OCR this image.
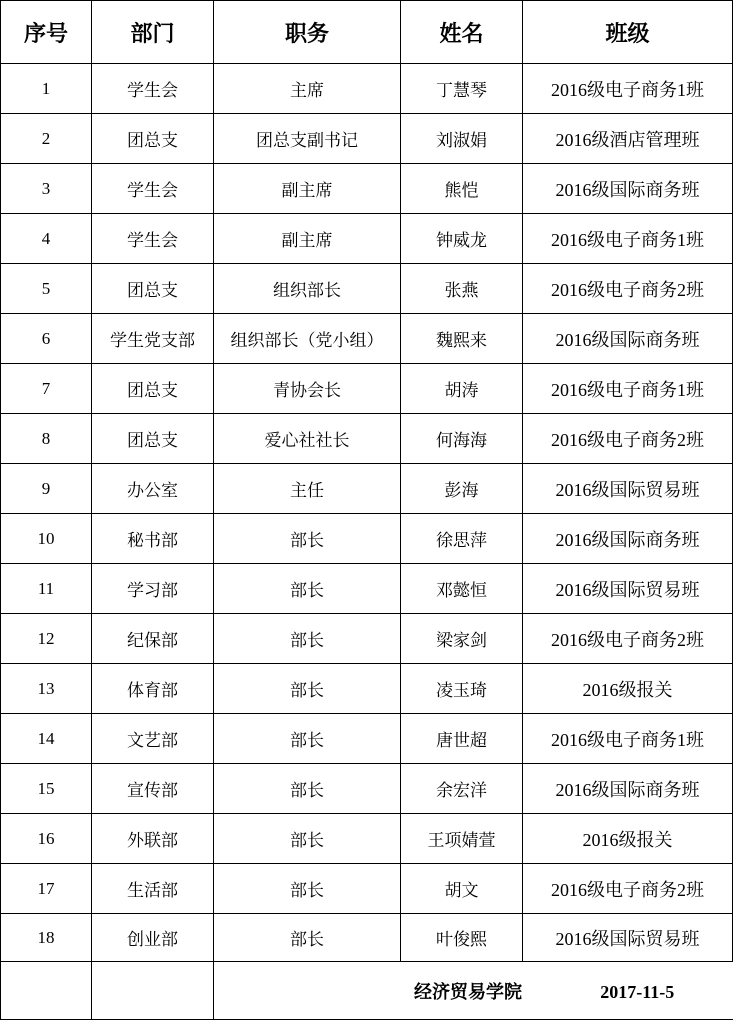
序号	部门	职务	姓名	班级
1	学生会	主席	丁慧琴	2016级电子商务1班
2	团总支	团总支副书记	刘淑娟	2016级酒店管理班
3	学生会	副主席	熊恺	2016级国际商务班
4	学生会	副主席	钟威龙	2016级电子商务1班
5	团总支	组织部长	张燕	2016级电子商务2班
6	学生党支部	组织部长（党小组）	魏熙来	2016级国际商务班
7	团总支	青协会长	胡涛	2016级电子商务1班
8	团总支	爱心社社长	何海海	2016级电子商务2班
9	办公室	主任	彭海	2016级国际贸易班
10	秘书部	部长	徐思萍	2016级国际商务班
11	学习部	部长	邓懿恒	2016级国际贸易班
12	纪保部	部长	梁家剑	2016级电子商务2班
13	体育部	部长	凌玉琦	2016级报关
14	文艺部	部长	唐世超	2016级电子商务1班
15	宣传部	部长	余宏洋	2016级国际商务班
16	外联部	部长	王项婧萱	2016级报关
17	生活部	部长	胡文	2016级电子商务2班
18	创业部	部长	叶俊熙	2016级国际贸易班
		经济贸易学院 2017-11-5		
